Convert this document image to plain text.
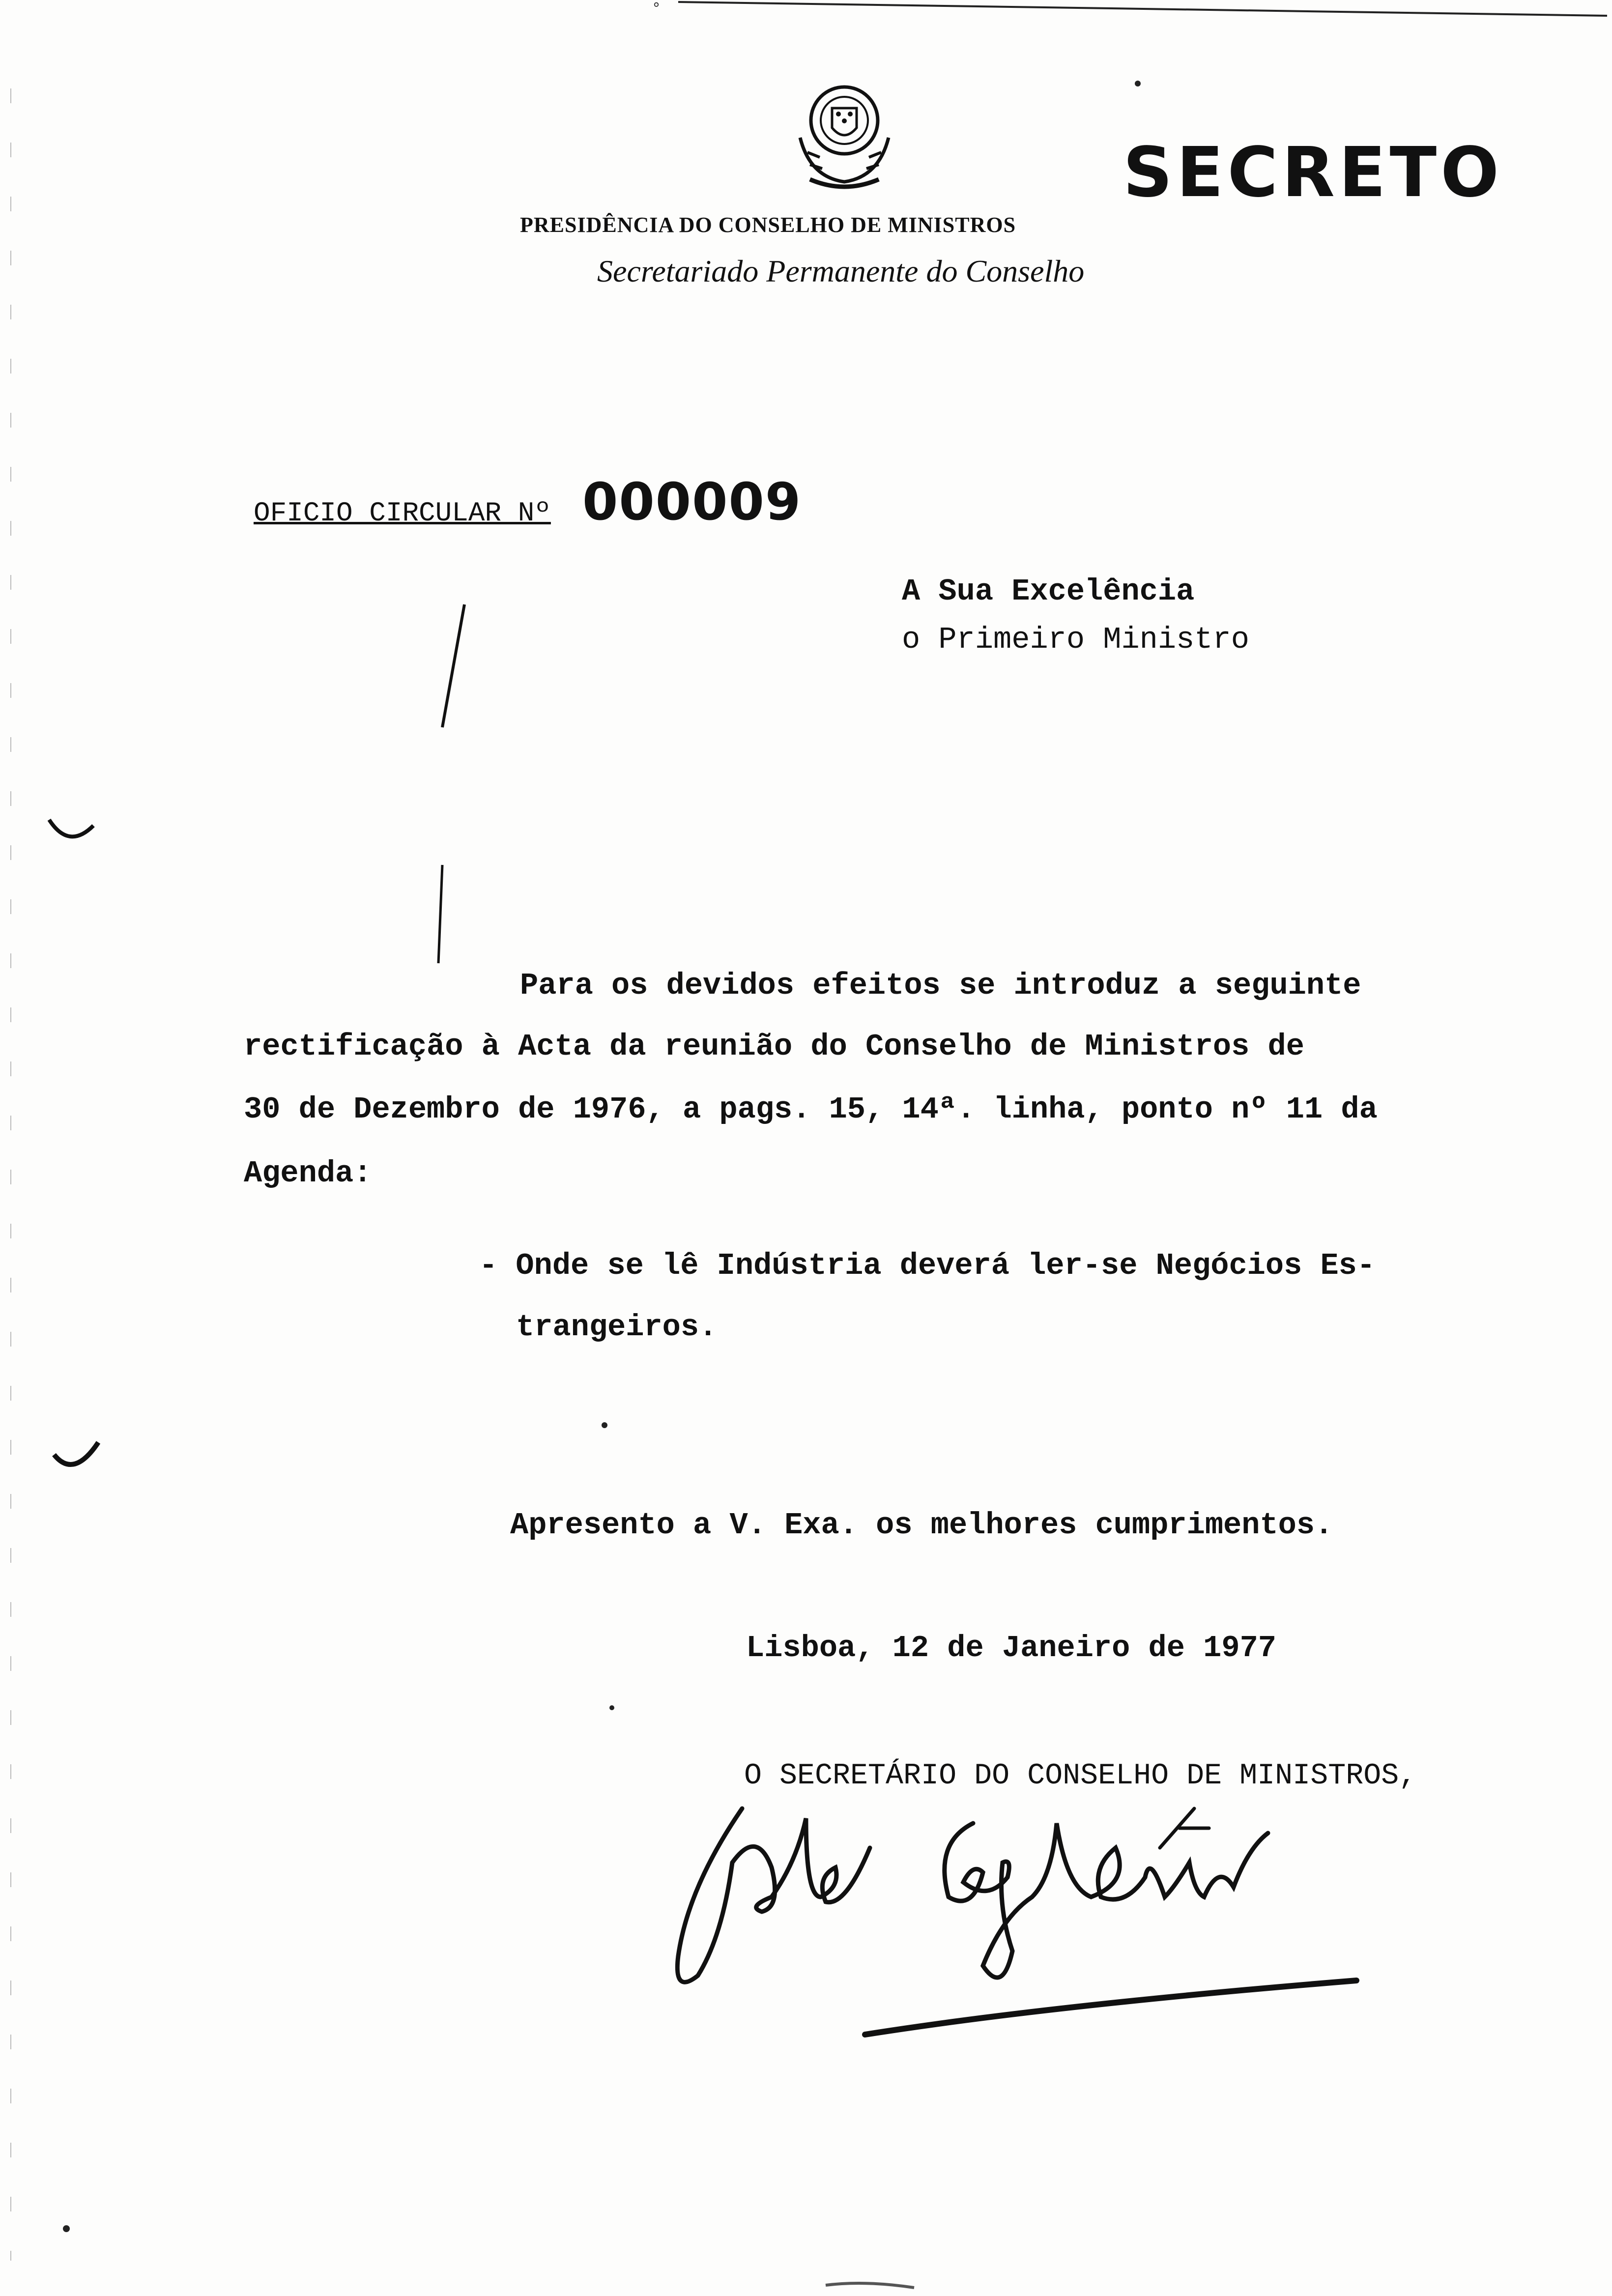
°
SECRETO
PRESIDÊNCIA DO CONSELHO DE MINISTROS
Secretariado Permanente do Conselho
OFICIO CIRCULAR Nº 000009
A Sua Excelência
o Primeiro Ministro
Para os devidos efeitos se introduz a seguinte
rectificação à Acta da reunião do Conselho de Ministros de
30 de Dezembro de 1976, a pags. 15, 14ª. linha, ponto nº 11 da
Agenda:
- Onde se lê Indústria deverá ler-se Negócios Es-
trangeiros.
Apresento a V. Exa. os melhores cumprimentos.
Lisboa, 12 de Janeiro de 1977
O SECRETÁRIO DO CONSELHO DE MINISTROS,
